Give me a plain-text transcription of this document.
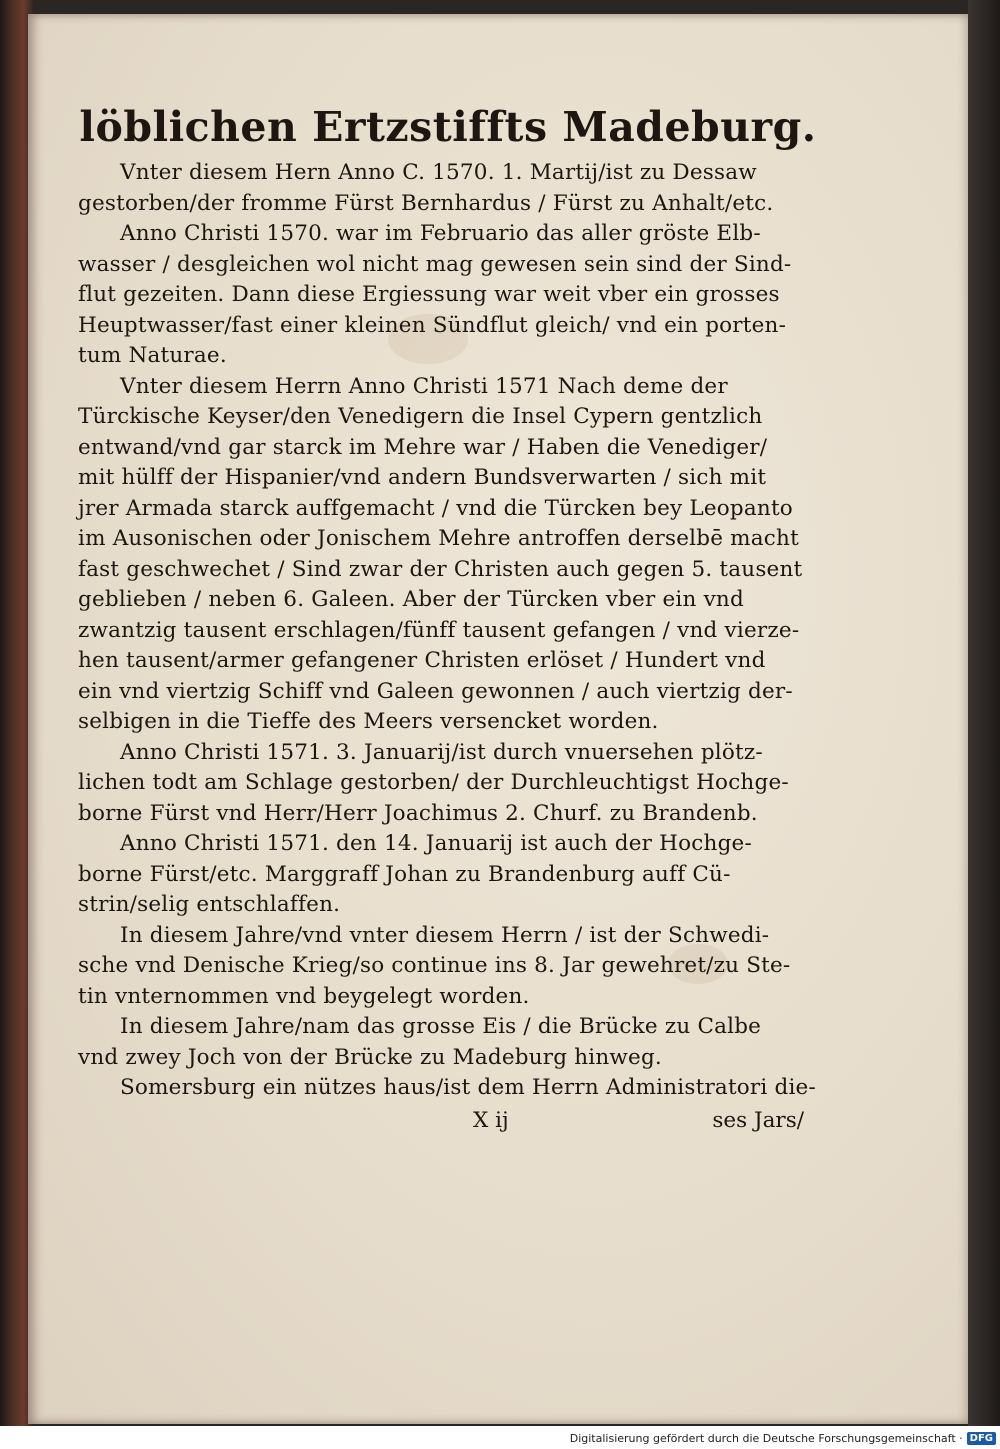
löblichen Ertzstiffts Madeburg.
Vnter diesem Hern Anno C. 1570. 1. Martij/ist zu Dessaw
gestorben/der fromme Fürst Bernhardus / Fürst zu Anhalt/etc.
Anno Christi 1570. war im Februario das aller gröste Elb-
wasser / desgleichen wol nicht mag gewesen sein sind der Sind-
flut gezeiten. Dann diese Ergiessung war weit vber ein grosses
Heuptwasser/fast einer kleinen Sündflut gleich/ vnd ein porten-
tum Naturae.
Vnter diesem Herrn Anno Christi 1571 Nach deme der
Türckische Keyser/den Venedigern die Insel Cypern gentzlich
entwand/vnd gar starck im Mehre war / Haben die Venediger/
mit hülff der Hispanier/vnd andern Bundsverwarten / sich mit
jrer Armada starck auffgemacht / vnd die Türcken bey Leopanto
im Ausonischen oder Jonischem Mehre antroffen derselbē macht
fast geschwechet / Sind zwar der Christen auch gegen 5. tausent
geblieben / neben 6. Galeen. Aber der Türcken vber ein vnd
zwantzig tausent erschlagen/fünff tausent gefangen / vnd vierze-
hen tausent/armer gefangener Christen erlöset / Hundert vnd
ein vnd viertzig Schiff vnd Galeen gewonnen / auch viertzig der-
selbigen in die Tieffe des Meers versencket worden.
Anno Christi 1571. 3. Januarij/ist durch vnuersehen plötz-
lichen todt am Schlage gestorben/ der Durchleuchtigst Hochge-
borne Fürst vnd Herr/Herr Joachimus 2. Churf. zu Brandenb.
Anno Christi 1571. den 14. Januarij ist auch der Hochge-
borne Fürst/etc. Marggraff Johan zu Brandenburg auff Cü-
strin/selig entschlaffen.
In diesem Jahre/vnd vnter diesem Herrn / ist der Schwedi-
sche vnd Denische Krieg/so continue ins 8. Jar gewehret/zu Ste-
tin vnternommen vnd beygelegt worden.
In diesem Jahre/nam das grosse Eis / die Brücke zu Calbe
vnd zwey Joch von der Brücke zu Madeburg hinweg.
Somersburg ein nützes haus/ist dem Herrn Administratori die-
X ij	ses Jars/
Digitalisierung gefördert durch die Deutsche Forschungsgemeinschaft · DFG
